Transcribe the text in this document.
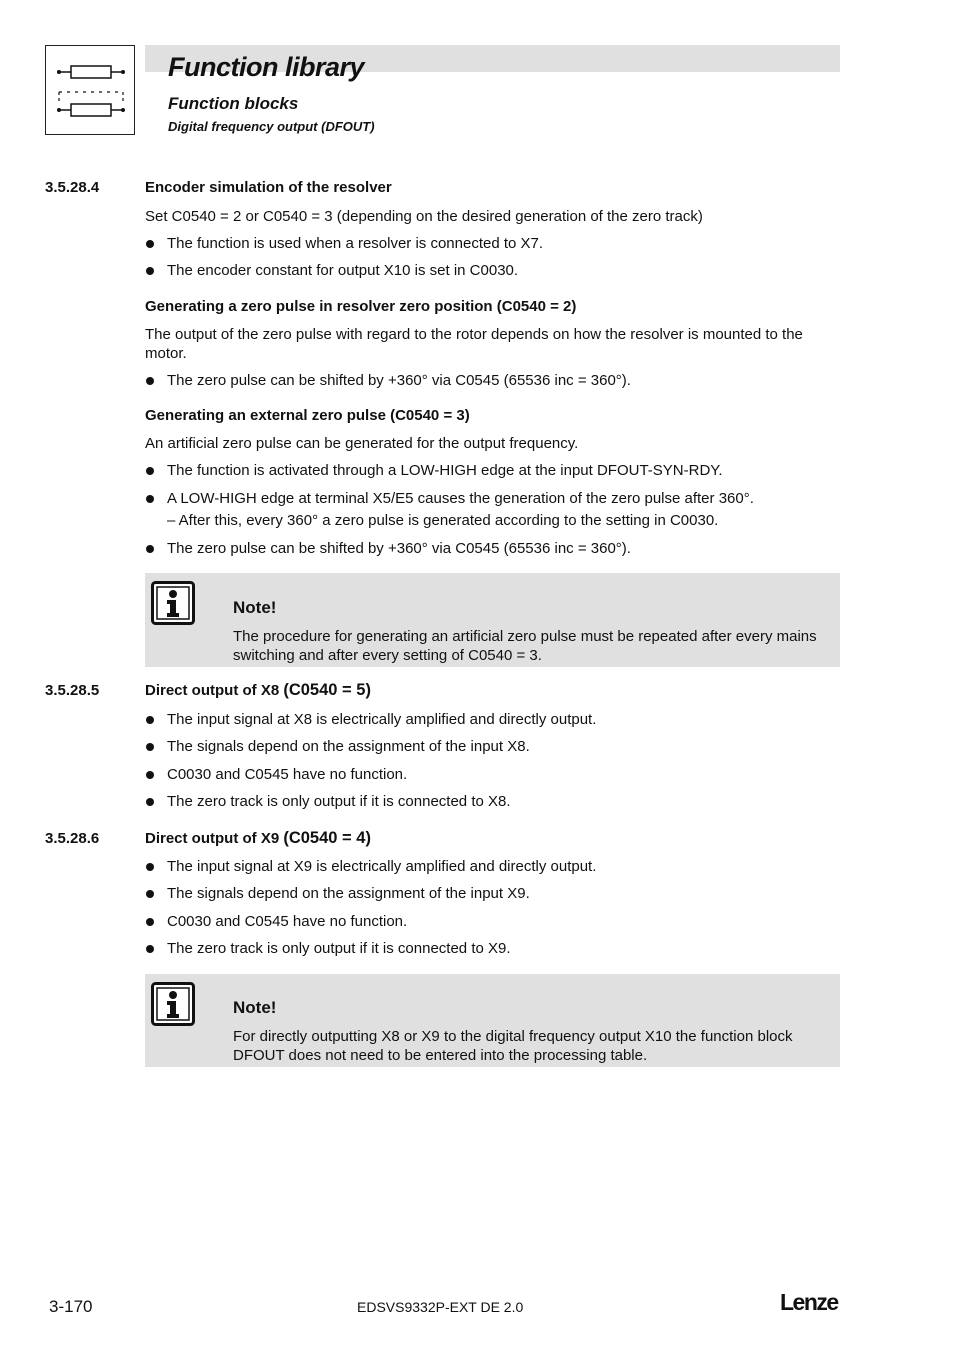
Function library
Function blocks
Digital frequency output (DFOUT)
3.5.28.4	Encoder simulation of the resolver
Set C0540 = 2 or C0540 = 3 (depending on the desired generation of the zero track)
The function is used when a resolver is connected to X7.
The encoder constant for output X10 is set in C0030.
Generating a zero pulse in resolver zero position (C0540 = 2)
The output of the zero pulse with regard to the rotor depends on how the resolver is mounted to the motor.
The zero pulse can be shifted by +360° via C0545 (65536 inc = 360°).
Generating an external zero pulse (C0540 = 3)
An artificial zero pulse can be generated for the output frequency.
The function is activated through a LOW-HIGH edge at the input DFOUT-SYN-RDY.
A LOW-HIGH edge at terminal X5/E5 causes the generation of the zero pulse after 360°.
– After this, every 360° a zero pulse is generated according to the setting in C0030.
The zero pulse can be shifted by +360° via C0545 (65536 inc = 360°).
Note!
The procedure for generating an artificial zero pulse must be repeated after every mains switching and after every setting of C0540 = 3.
3.5.28.5	Direct output of X8 (C0540 = 5)
The input signal at X8 is electrically amplified and directly output.
The signals depend on the assignment of the input X8.
C0030 and C0545 have no function.
The zero track is only output if it is connected to X8.
3.5.28.6	Direct output of X9 (C0540 = 4)
The input signal at X9 is electrically amplified and directly output.
The signals depend on the assignment of the input X9.
C0030 and C0545 have no function.
The zero track is only output if it is connected to X9.
Note!
For directly outputting X8 or X9 to the digital frequency output X10 the function block DFOUT does not need to be entered into the processing table.
3-170	EDSVS9332P-EXT DE 2.0	Lenze
